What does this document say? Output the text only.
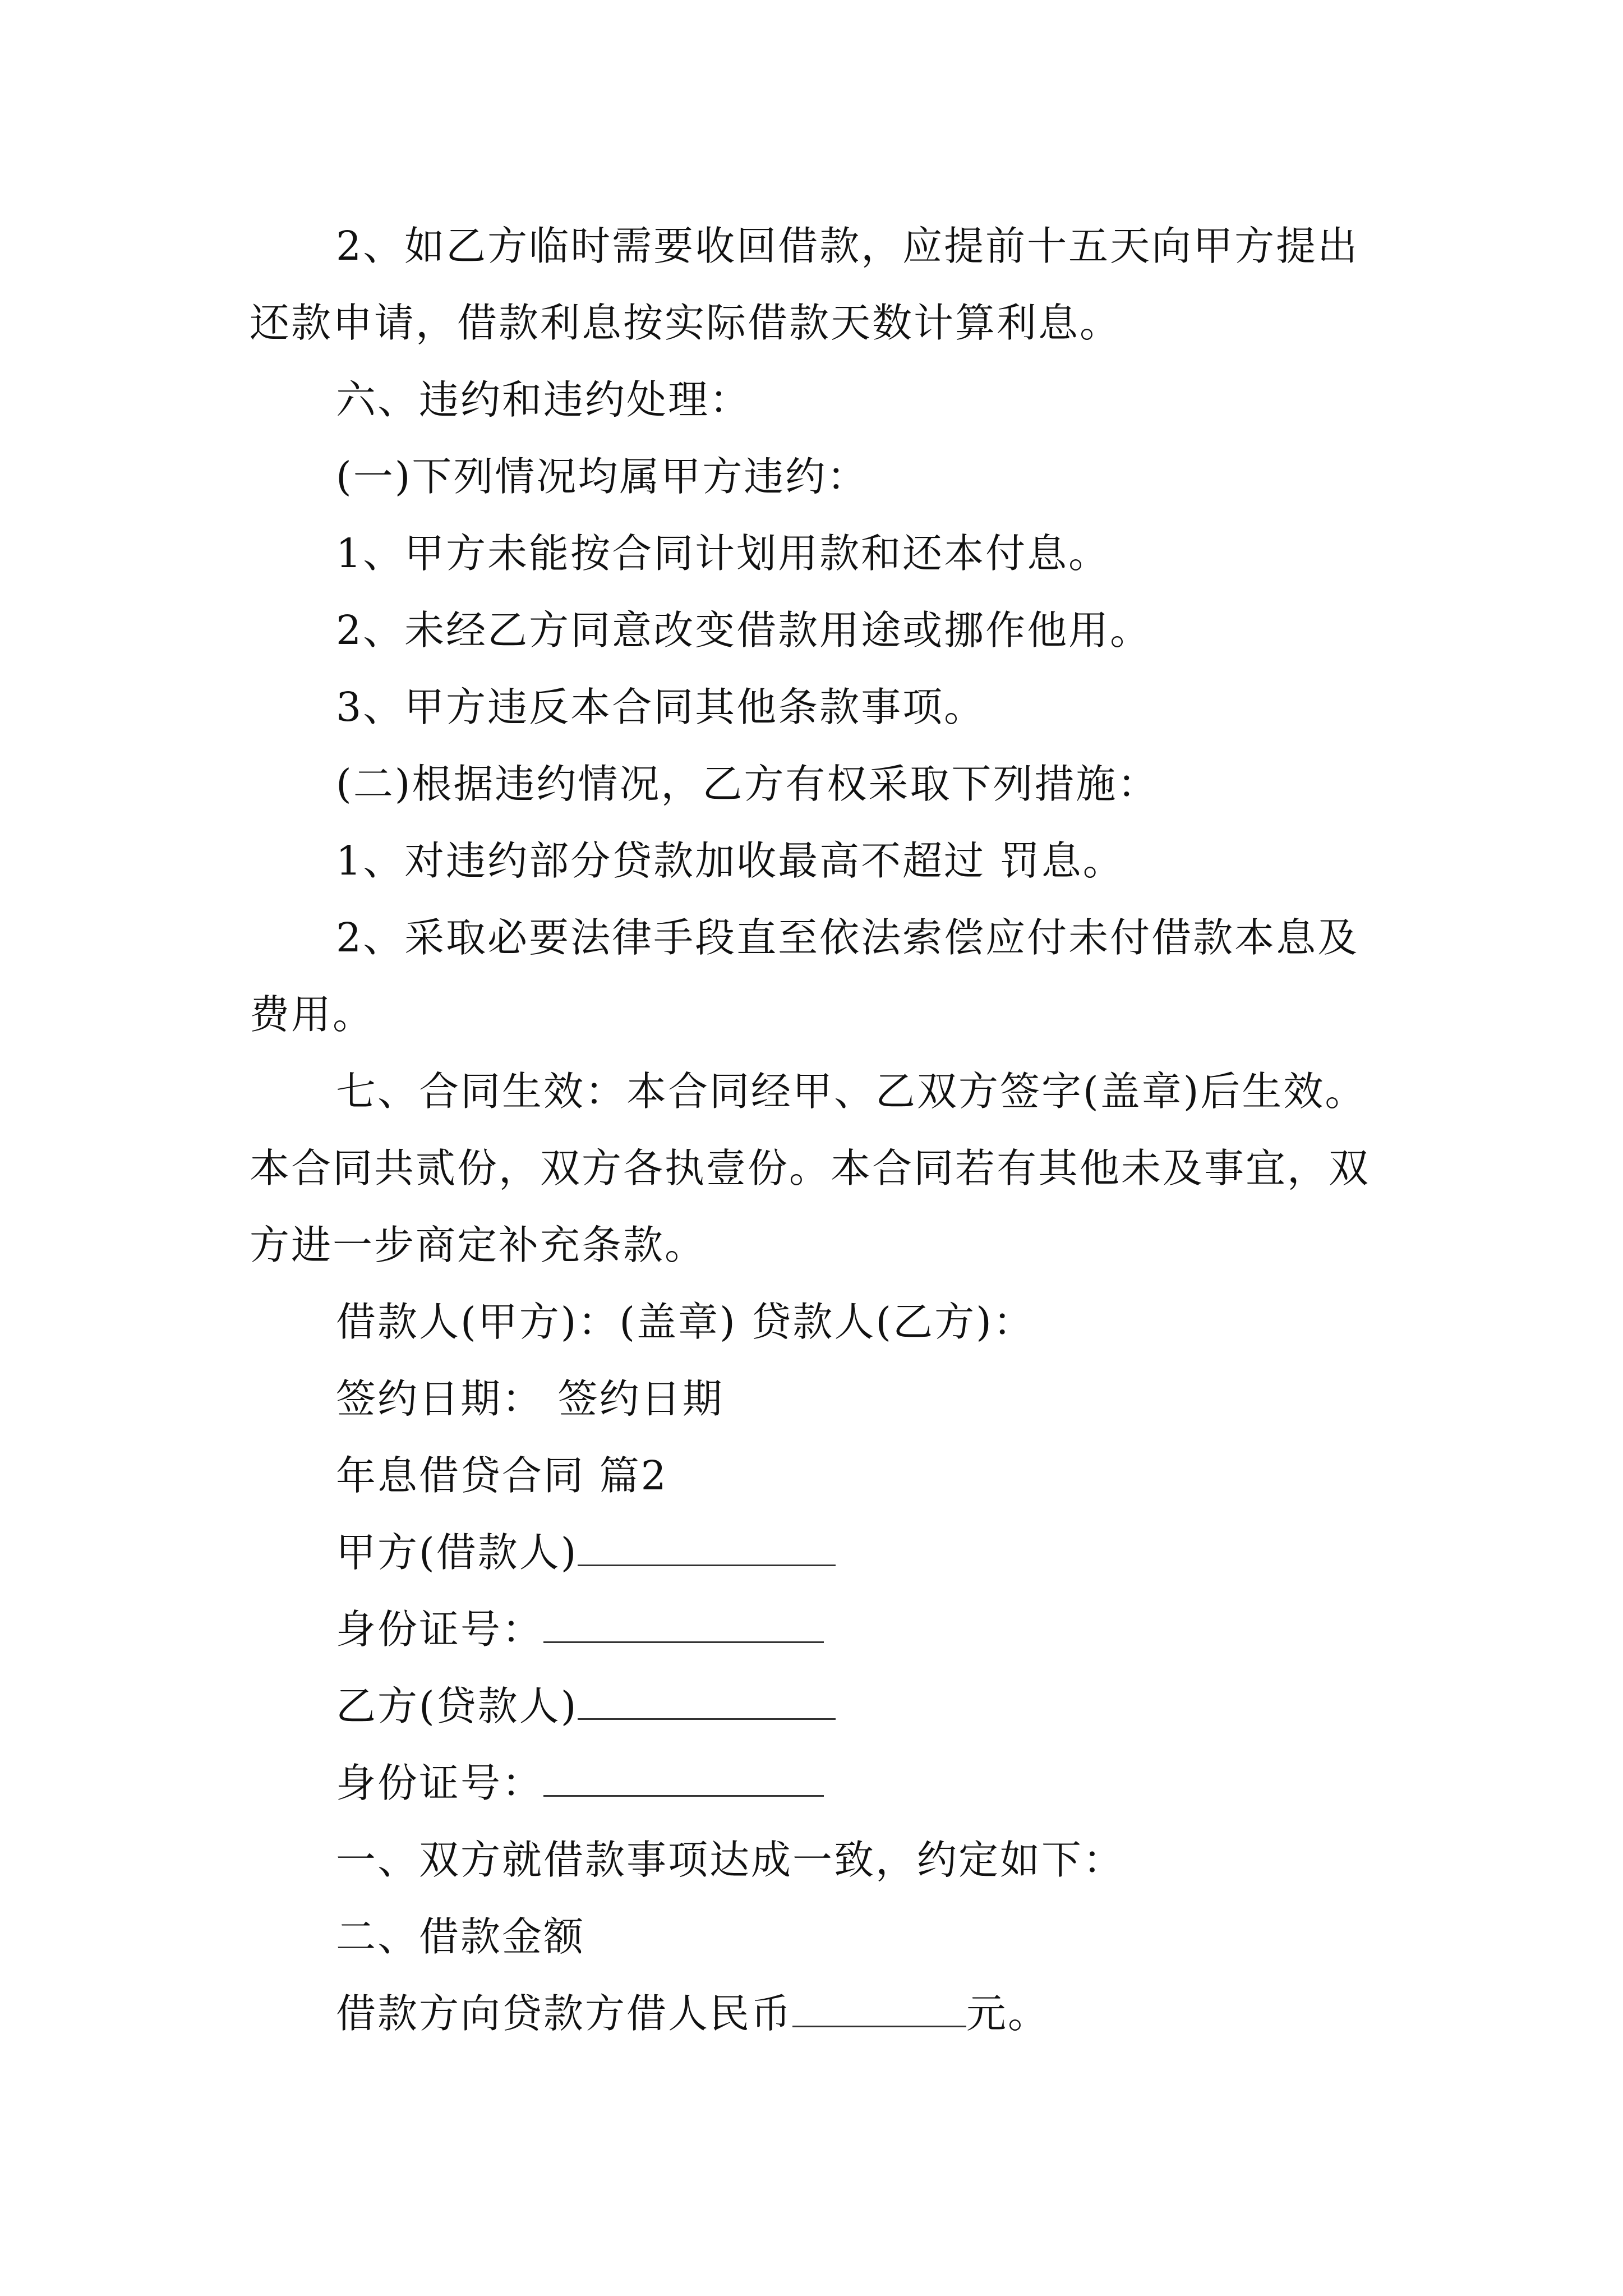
2、如乙方临时需要收回借款，应提前十五天向甲方提出还款申请，借款利息按实际借款天数计算利息。

六、违约和违约处理：

(一)下列情况均属甲方违约：

1、甲方未能按合同计划用款和还本付息。

2、未经乙方同意改变借款用途或挪作他用。

3、甲方违反本合同其他条款事项。

(二)根据违约情况，乙方有权采取下列措施：

1、对违约部分贷款加收最高不超过 罚息。

2、采取必要法律手段直至依法索偿应付未付借款本息及费用。

七、合同生效：本合同经甲、乙双方签字(盖章)后生效。本合同共贰份，双方各执壹份。本合同若有其他未及事宜，双方进一步商定补充条款。

借款人(甲方)：(盖章) 贷款人(乙方)：

签约日期： 签约日期

年息借贷合同 篇2

甲方(借款人)

身份证号：

乙方(贷款人)

身份证号：

一、双方就借款事项达成一致，约定如下：

二、借款金额

借款方向贷款方借人民币	元。
